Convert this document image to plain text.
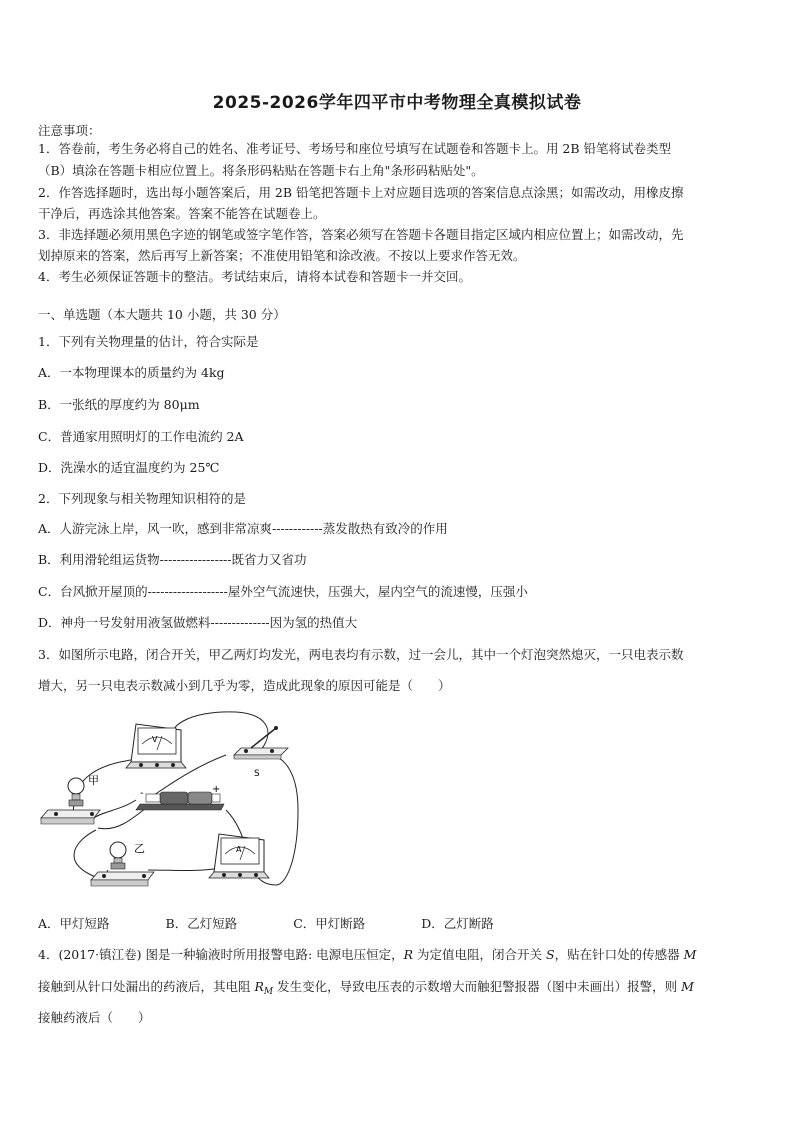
2025-2026学年四平市中考物理全真模拟试卷
注意事项：
1．答卷前，考生务必将自己的姓名、准考证号、考场号和座位号填写在试题卷和答题卡上。用 2B 铅笔将试卷类型
（B）填涂在答题卡相应位置上。将条形码粘贴在答题卡右上角"条形码粘贴处"。
2．作答选择题时，选出每小题答案后，用 2B 铅笔把答题卡上对应题目选项的答案信息点涂黑；如需改动，用橡皮擦
干净后，再选涂其他答案。答案不能答在试题卷上。
3．非选择题必须用黑色字迹的钢笔或签字笔作答，答案必须写在答题卡各题目指定区域内相应位置上；如需改动，先
划掉原来的答案，然后再写上新答案；不准使用铅笔和涂改液。不按以上要求作答无效。
4．考生必须保证答题卡的整洁。考试结束后，请将本试卷和答题卡一并交回。
一、单选题（本大题共 10 小题，共 30 分）
1．下列有关物理量的估计，符合实际是
A．一本物理课本的质量约为 4kg
B．一张纸的厚度约为 80μm
C．普通家用照明灯的工作电流约 2A
D．洗澡水的适宜温度约为 25℃
2．下列现象与相关物理知识相符的是
A．人游完泳上岸，风一吹，感到非常凉爽------------蒸发散热有致冷的作用
B．利用滑轮组运货物-----------------既省力又省功
C．台风掀开屋顶的-------------------屋外空气流速快，压强大，屋内空气的流速慢，压强小
D．神舟一号发射用液氢做燃料--------------因为氢的热值大
3．如图所示电路，闭合开关，甲乙两灯均发光，两电表均有示数，过一会儿，其中一个灯泡突然熄灭，一只电表示数
增大，另一只电表示数减小到几乎为零，造成此现象的原因可能是（　　）
V
S
甲
-	+
乙	A
A．甲灯短路	B．乙灯短路	C．甲灯断路	D．乙灯断路
4．(2017·镇江卷) 图是一种输液时所用报警电路: 电源电压恒定，R 为定值电阻，闭合开关 S，贴在针口处的传感器 M
接触到从针口处漏出的药液后，其电阻 $R_M$ 发生变化，导致电压表的示数增大而触犯警报器（图中未画出）报警，则 M
接触药液后（　　）
